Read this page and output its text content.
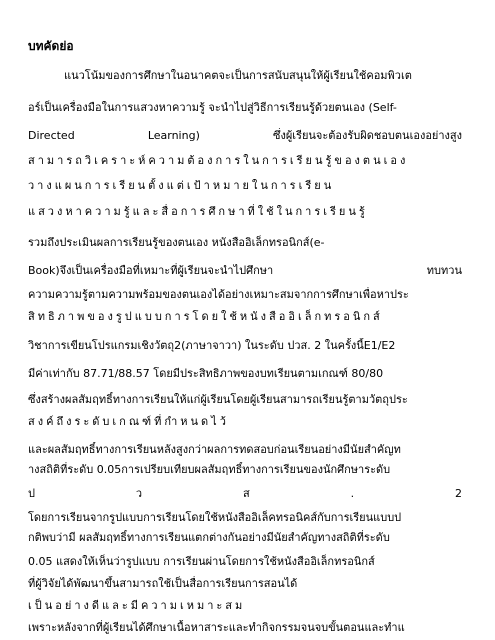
บทคัดย่อ
แนวโน้มของการศึกษาในอนาคตจะเป็นการสนับสนุนให้ผู้เรียนใช้คอมพิวเต
อร์เป็นเครื่องมือในการแสวงหาความรู้ จะนำไปสู่วิธีการเรียนรู้ด้วยตนเอง (Self-
Directed Learning) ซึ่งผู้เรียนจะต้องรับผิดชอบตนเองอย่างสูง
สามารถวิเคราะห์ความต้องการในการเรียนรู้ของตนเอง
วางแผนการเรียนตั้งแต่เป้าหมายในการเรียน
แสวงหาความรู้และสื่อการศึกษาที่ใช้ในการเรียนรู้
รวมถึงประเมินผลการเรียนรู้ของตนเอง หนังสืออิเล็กทรอนิกส์(e-
Book)จึงเป็นเครื่องมือที่เหมาะที่ผู้เรียนจะนำไปศึกษา ทบทวน
ความความรู้ตามความพร้อมของตนเองได้อย่างเหมาะสมจากการศึกษาเพื่อหาประ
สิทธิภาพของรูปแบบการโดยใช้หนังสืออิเล็กทรอนิกส์
วิชาการเขียนโปรแกรมเชิงวัตถุ2(ภาษาจาวา) ในระดับ ปวส. 2 ในครั้งนี้E1/E2
มีค่าเท่ากับ 87.71/88.57 โดยมีประสิทธิภาพของบทเรียนตามเกณฑ์ 80/80
ซึ่งสร้างผลสัมฤทธิ์ทางการเรียนให้แก่ผู้เรียนโดยผู้เรียนสามารถเรียนรู้ตามวัตถุประ
สงค์ถึงระดับเกณฑ์ที่กำหนดไว้
และผลสัมฤทธิ์ทางการเรียนหลังสูงกว่าผลการทดสอบก่อนเรียนอย่างมีนัยสำคัญท
างสถิติที่ระดับ 0.05การเปรียบเทียบผลสัมฤทธิ์ทางการเรียนของนักศึกษาระดับ
ป ว ส . 2
โดยการเรียนจากรูปแบบการเรียนโดยใช้หนังสืออิเล็คทรอนิคส์กับการเรียนแบบป
กติพบว่ามี ผลสัมฤทธิ์ทางการเรียนแตกต่างกันอย่างมีนัยสำคัญทางสถิติที่ระดับ
0.05 แสดงให้เห็นว่ารูปแบบ การเรียนผ่านโดยการใช้หนังสืออิเล็กทรอนิกส์
ที่ผู้วิจัยได้พัฒนาขึ้นสามารถใช้เป็นสื่อการเรียนการสอนได้
เป็นอย่างดีและมีความเหมาะสม
เพราะหลังจากที่ผู้เรียนได้ศึกษาเนื้อหาสาระและทำกิจกรรมจนจบขั้นตอนและทำแ
